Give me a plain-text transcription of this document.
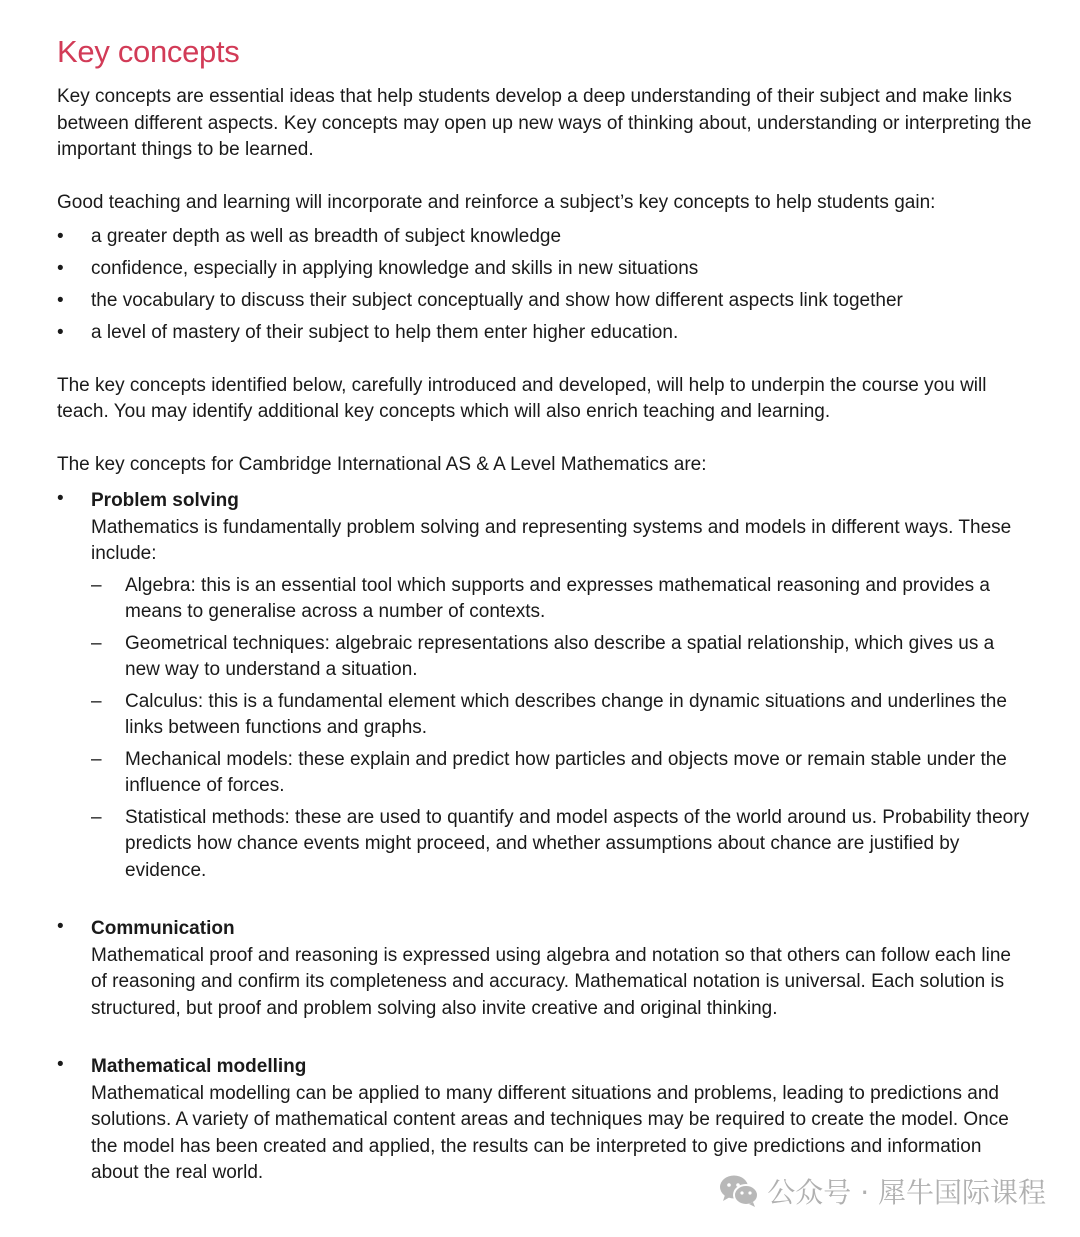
Key concepts

Key concepts are essential ideas that help students develop a deep understanding of their subject and make links between different aspects. Key concepts may open up new ways of thinking about, understanding or interpreting the important things to be learned.

Good teaching and learning will incorporate and reinforce a subject’s key concepts to help students gain:

• a greater depth as well as breadth of subject knowledge
• confidence, especially in applying knowledge and skills in new situations
• the vocabulary to discuss their subject conceptually and show how different aspects link together
• a level of mastery of their subject to help them enter higher education.

The key concepts identified below, carefully introduced and developed, will help to underpin the course you will teach. You may identify additional key concepts which will also enrich teaching and learning.

The key concepts for Cambridge International AS & A Level Mathematics are:

• Problem solving
Mathematics is fundamentally problem solving and representing systems and models in different ways. These include:
– Algebra: this is an essential tool which supports and expresses mathematical reasoning and provides a means to generalise across a number of contexts.
– Geometrical techniques: algebraic representations also describe a spatial relationship, which gives us a new way to understand a situation.
– Calculus: this is a fundamental element which describes change in dynamic situations and underlines the links between functions and graphs.
– Mechanical models: these explain and predict how particles and objects move or remain stable under the influence of forces.
– Statistical methods: these are used to quantify and model aspects of the world around us. Probability theory predicts how chance events might proceed, and whether assumptions about chance are justified by evidence.
• Communication
Mathematical proof and reasoning is expressed using algebra and notation so that others can follow each line of reasoning and confirm its completeness and accuracy. Mathematical notation is universal. Each solution is structured, but proof and problem solving also invite creative and original thinking.
• Mathematical modelling
Mathematical modelling can be applied to many different situations and problems, leading to predictions and solutions. A variety of mathematical content areas and techniques may be required to create the model. Once the model has been created and applied, the results can be interpreted to give predictions and information about the real world.
公众号 · 犀牛国际课程
